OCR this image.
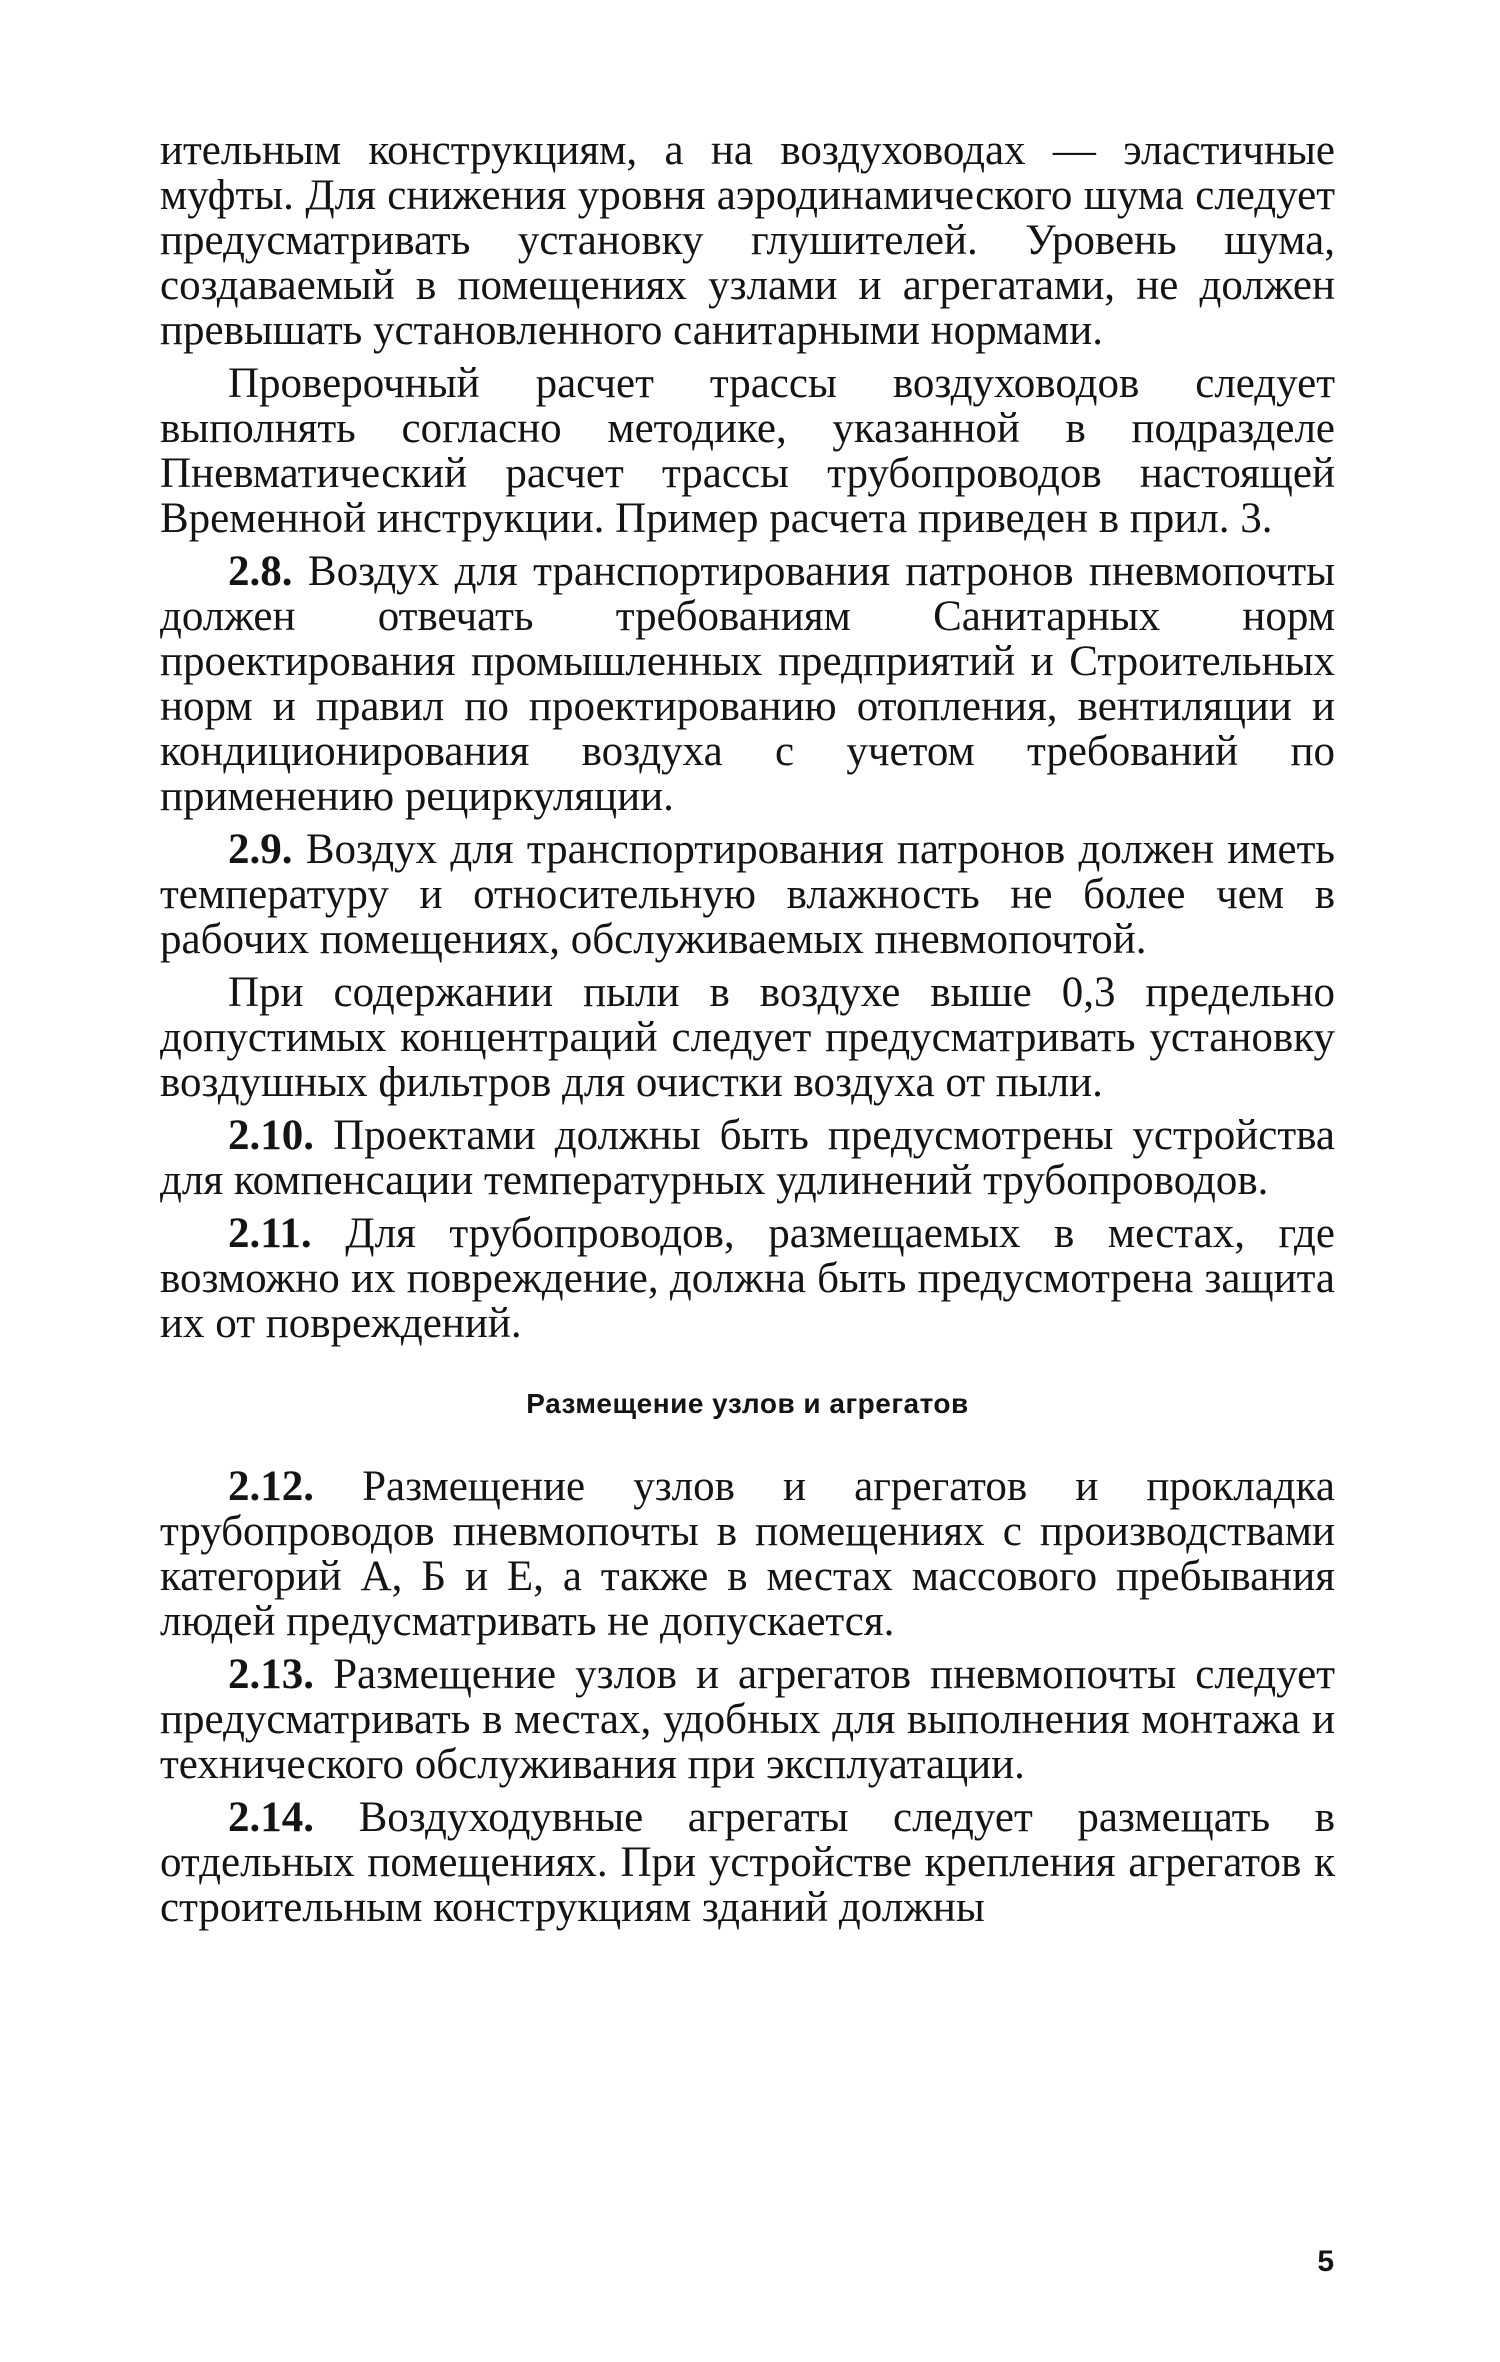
ительным конструкциям, а на воздуховодах — эластичные муфты. Для снижения уровня аэродинамического шума следует предусматривать установку глушителей. Уровень шума, создаваемый в помещениях узлами и агрегатами, не должен превышать установленного санитарными нормами.

Проверочный расчет трассы воздуховодов следует выполнять согласно методике, указанной в подразделе Пневматический расчет трассы трубопроводов настоящей Временной инструкции. Пример расчета приведен в прил. 3.

2.8. Воздух для транспортирования патронов пневмопочты должен отвечать требованиям Санитарных норм проектирования промышленных предприятий и Строительных норм и правил по проектированию отопления, вентиляции и кондиционирования воздуха с учетом требований по применению рециркуляции.

2.9. Воздух для транспортирования патронов должен иметь температуру и относительную влажность не более чем в рабочих помещениях, обслуживаемых пневмопочтой.

При содержании пыли в воздухе выше 0,3 предельно допустимых концентраций следует предусматривать установку воздушных фильтров для очистки воздуха от пыли.

2.10. Проектами должны быть предусмотрены устройства для компенсации температурных удлинений трубопроводов.

2.11. Для трубопроводов, размещаемых в местах, где возможно их повреждение, должна быть предусмотрена защита их от повреждений.

Размещение узлов и агрегатов

2.12. Размещение узлов и агрегатов и прокладка трубопроводов пневмопочты в помещениях с производствами категорий А, Б и Е, а также в местах массового пребывания людей предусматривать не допускается.

2.13. Размещение узлов и агрегатов пневмопочты следует предусматривать в местах, удобных для выполнения монтажа и технического обслуживания при эксплуатации.

2.14. Воздуходувные агрегаты следует размещать в отдельных помещениях. При устройстве крепления агрегатов к строительным конструкциям зданий должны

5
